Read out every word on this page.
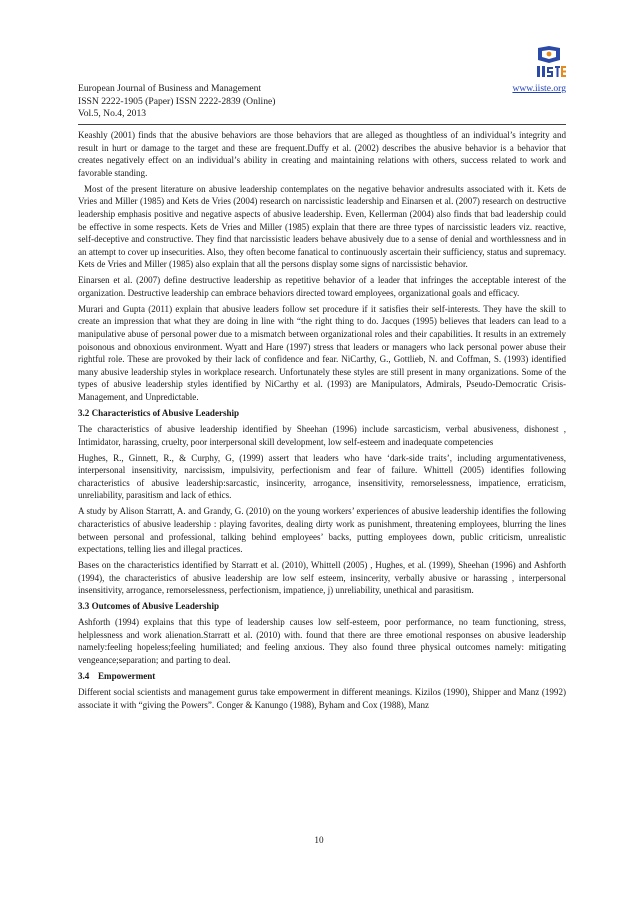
European Journal of Business and Management
ISSN 2222-1905 (Paper) ISSN 2222-2839 (Online)
Vol.5, No.4, 2013
www.iiste.org

Keashly (2001) finds that the abusive behaviors are those behaviors that are alleged as thoughtless of an individual’s integrity and result in hurt or damage to the target and these are frequent.Duffy et al. (2002) describes the abusive behavior is a behavior that creates negatively effect on an individual’s ability in creating and maintaining relations with others, success related to work and favorable standing.

Most of the present literature on abusive leadership contemplates on the negative behavior andresults associated with it. Kets de Vries and Miller (1985) and Kets de Vries (2004) research on narcissistic leadership and Einarsen et al. (2007) research on destructive leadership emphasis positive and negative aspects of abusive leadership. Even, Kellerman (2004) also finds that bad leadership could be effective in some respects. Kets de Vries and Miller (1985) explain that there are three types of narcissistic leaders viz. reactive, self-deceptive and constructive. They find that narcissistic leaders behave abusively due to a sense of denial and worthlessness and in an attempt to cover up insecurities. Also, they often become fanatical to continuously ascertain their sufficiency, status and supremacy. Kets de Vries and Miller (1985) also explain that all the persons display some signs of narcissistic behavior.

Einarsen et al. (2007) define destructive leadership as repetitive behavior of a leader that infringes the acceptable interest of the organization. Destructive leadership can embrace behaviors directed toward employees, organizational goals and efficacy.

Murari and Gupta (2011) explain that abusive leaders follow set procedure if it satisfies their self-interests. They have the skill to create an impression that what they are doing in line with “the right thing to do. Jacques (1995) believes that leaders can lead to a manipulative abuse of personal power due to a mismatch between organizational roles and their capabilities. It results in an extremely poisonous and obnoxious environment. Wyatt and Hare (1997) stress that leaders or managers who lack personal power abuse their rightful role. These are provoked by their lack of confidence and fear. NiCarthy, G., Gottlieb, N. and Coffman, S. (1993) identified many abusive leadership styles in workplace research. Unfortunately these styles are still present in many organizations. Some of the types of abusive leadership styles identified by NiCarthy et al. (1993) are Manipulators, Admirals, Pseudo-Democratic Crisis-Management, and Unpredictable.

3.2 Characteristics of Abusive Leadership

The characteristics of abusive leadership identified by Sheehan (1996) include sarcasticism, verbal abusiveness, dishonest , Intimidator, harassing, cruelty, poor interpersonal skill development, low self-esteem and inadequate competencies

Hughes, R., Ginnett, R., & Curphy, G, (1999) assert that leaders who have ‘dark-side traits’, including argumentativeness, interpersonal insensitivity, narcissism, impulsivity, perfectionism and fear of failure. Whittell (2005) identifies following characteristics of abusive leadership:sarcastic, insincerity, arrogance, insensitivity, remorselessness, impatience, erraticism, unreliability, parasitism and lack of ethics.

A study by Alison Starratt, A. and Grandy, G. (2010) on the young workers’ experiences of abusive leadership identifies the following characteristics of abusive leadership : playing favorites, dealing dirty work as punishment, threatening employees, blurring the lines between personal and professional, talking behind employees’ backs, putting employees down, public criticism, unrealistic expectations, telling lies and illegal practices.

Bases on the characteristics identified by Starratt et al. (2010), Whittell (2005) , Hughes, et al. (1999), Sheehan (1996) and Ashforth (1994), the characteristics of abusive leadership are low self esteem, insincerity, verbally abusive or harassing , interpersonal insensitivity, arrogance, remorselessness, perfectionism, impatience, j) unreliability, unethical and parasitism.

3.3 Outcomes of Abusive Leadership

Ashforth (1994) explains that this type of leadership causes low self-esteem, poor performance, no team functioning, stress, helplessness and work alienation.Starratt et al. (2010) with. found that there are three emotional responses on abusive leadership namely:feeling hopeless;feeling humiliated; and feeling anxious. They also found three physical outcomes namely: mitigating vengeance;separation; and parting to deal.

3.4 Empowerment

Different social scientists and management gurus take empowerment in different meanings. Kizilos (1990), Shipper and Manz (1992) associate it with “giving the Powers”. Conger & Kanungo (1988), Byham and Cox (1988), Manz

10
